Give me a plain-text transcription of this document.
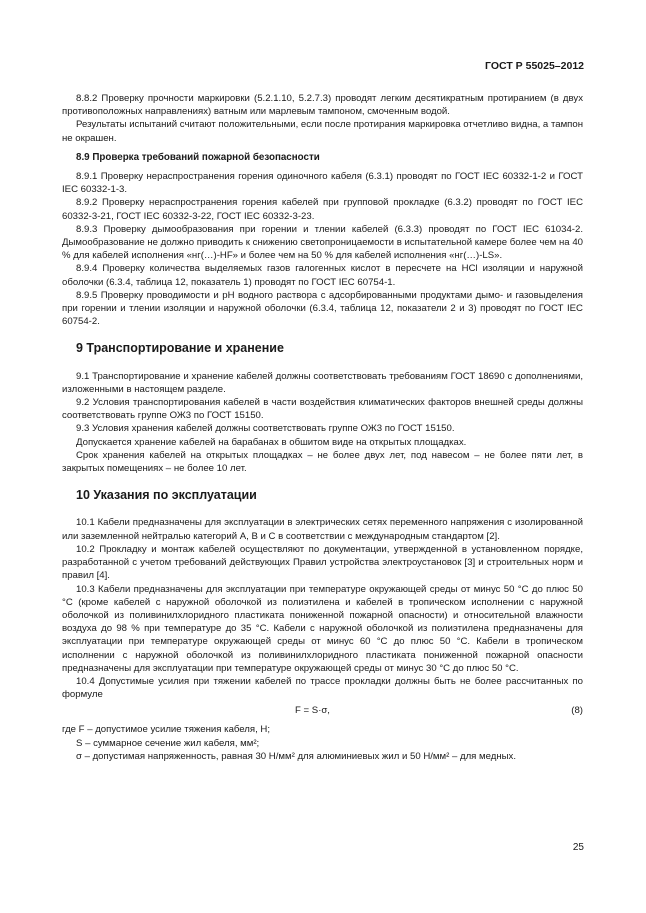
ГОСТ Р 55025–2012

8.8.2 Проверку прочности маркировки (5.2.1.10, 5.2.7.3) проводят легким десятикратным протиранием (в двух противоположных направлениях) ватным или марлевым тампоном, смоченным водой.

Результаты испытаний считают положительными, если после протирания маркировка отчетливо видна, а тампон не окрашен.

8.9 Проверка требований пожарной безопасности

8.9.1 Проверку нераспространения горения одиночного кабеля (6.3.1) проводят по ГОСТ IEC 60332-1-2 и ГОСТ IEC 60332-1-3.

8.9.2 Проверку нераспространения горения кабелей при групповой прокладке (6.3.2) проводят по ГОСТ IEC 60332-3-21, ГОСТ IEC 60332-3-22, ГОСТ IEC 60332-3-23.

8.9.3 Проверку дымообразования при горении и тлении кабелей (6.3.3) проводят по ГОСТ IEC 61034-2. Дымообразование не должно приводить к снижению светопроницаемости в испытательной камере более чем на 40 % для кабелей исполнения «нг(…)-HF» и более чем на 50 % для кабелей исполнения «нг(…)-LS».

8.9.4 Проверку количества выделяемых газов галогенных кислот в пересчете на HCl изоляции и наружной оболочки (6.3.4, таблица 12, показатель 1) проводят по ГОСТ IEC 60754-1.

8.9.5 Проверку проводимости и pH водного раствора с адсорбированными продуктами дымо- и газовыделения при горении и тлении изоляции и наружной оболочки (6.3.4, таблица 12, показатели 2 и 3) проводят по ГОСТ IEC 60754-2.

9 Транспортирование и хранение

9.1 Транспортирование и хранение кабелей должны соответствовать требованиям ГОСТ 18690 с дополнениями, изложенными в настоящем разделе.

9.2 Условия транспортирования кабелей в части воздействия климатических факторов внешней среды должны соответствовать группе ОЖ3 по ГОСТ 15150.

9.3 Условия хранения кабелей должны соответствовать группе ОЖ3 по ГОСТ 15150.

Допускается хранение кабелей на барабанах в обшитом виде на открытых площадках.

Срок хранения кабелей на открытых площадках – не более двух лет, под навесом – не более пяти лет, в закрытых помещениях – не более 10 лет.

10 Указания по эксплуатации

10.1 Кабели предназначены для эксплуатации в электрических сетях переменного напряжения с изолированной или заземленной нейтралью категорий А, В и С в соответствии с международным стандартом [2].

10.2 Прокладку и монтаж кабелей осуществляют по документации, утвержденной в установленном порядке, разработанной с учетом требований действующих Правил устройства электроустановок [3] и строительных норм и правил [4].

10.3 Кабели предназначены для эксплуатации при температуре окружающей среды от минус 50 °С до плюс 50 °С (кроме кабелей с наружной оболочкой из полиэтилена и кабелей в тропическом исполнении с наружной оболочкой из поливинилхлоридного пластиката пониженной пожарной опасности) и относительной влажности воздуха до 98 % при температуре до 35 °С. Кабели с наружной оболочкой из полиэтилена предназначены для эксплуатации при температуре окружающей среды от минус 60 °С до плюс 50 °С. Кабели в тропическом исполнении с наружной оболочкой из поливинилхлоридного пластиката пониженной пожарной опасности предназначены для эксплуатации при температуре окружающей среды от минус 30 °С до плюс 50 °С.

10.4 Допустимые усилия при тяжении кабелей по трассе прокладки должны быть не более рассчитанных по формуле

F = S·σ,	(8)

где F – допустимое усилие тяжения кабеля, Н;

S – суммарное сечение жил кабеля, мм²;

σ – допустимая напряженность, равная 30 Н/мм² для алюминиевых жил и 50 Н/мм² – для медных.

25
